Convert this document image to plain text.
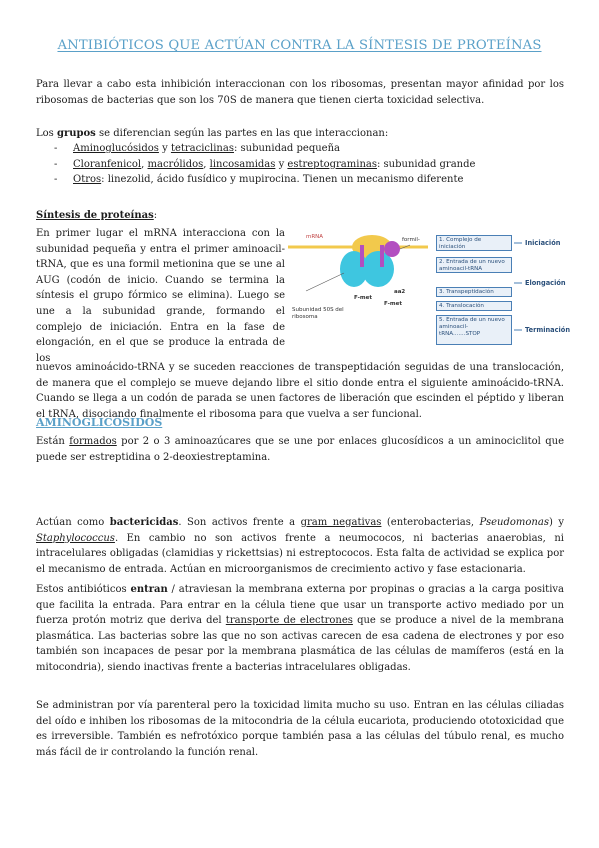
ANTIBIÓTICOS QUE ACTÚAN CONTRA LA SÍNTESIS DE PROTEÍNAS

Para llevar a cabo esta inhibición interaccionan con los ribosomas, presentan mayor afinidad por los ribosomas de bacterias que son los 70S de manera que tienen cierta toxicidad selectiva.

Los grupos se diferencian según las partes en las que interaccionan:

- Aminoglucósidos y tetraciclinas: subunidad pequeña
- Cloranfenicol, macrólidos, lincosamidas y estreptograminas: subunidad grande
- Otros: linezolid, ácido fusídico y mupirocina. Tienen un mecanismo diferente
Síntesis de proteínas:
En primer lugar el mRNA interacciona con la subunidad pequeña y entra el primer aminoacil-tRNA, que es una formil metionina que se une al AUG (codón de inicio. Cuando se termina la síntesis el grupo fórmico se elimina). Luego se une a la subunidad grande, formando el complejo de iniciación. Entra en la fase de elongación, en el que se produce la entrada de los
mRNA	formil-
Subunidad 50S del ribosoma
F-met
F-met
aa2
1. Complejo de iniciación
2. Entrada de un nuevo aminoacil-tRNA
3. Transpeptidación
4. Translocación
5. Entrada de un nuevo aminoacil-tRNA.......STOP
Iniciación
Elongación
Terminación

nuevos aminoácido-tRNA y se suceden reacciones de transpeptidación seguidas de una translocación, de manera que el complejo se mueve dejando libre el sitio donde entra el siguiente aminoácido-tRNA. Cuando se llega a un codón de parada se unen factores de liberación que escinden el péptido y liberan el tRNA, disociando finalmente el ribosoma para que vuelva a ser funcional.

AMINOGLICÓSIDOS

Están formados por 2 o 3 aminoazúcares que se une por enlaces glucosídicos a un aminociclitol que puede ser estreptidina o 2-deoxiestreptamina.

Actúan como bactericidas. Son activos frente a gram negativas (enterobacterias, Pseudomonas) y Staphylococcus. En cambio no son activos frente a neumococos, ni bacterias anaerobias, ni intracelulares obligadas (clamidias y rickettsias) ni estreptococos. Esta falta de actividad se explica por el mecanismo de entrada. Actúan en microorganismos de crecimiento activo y fase estacionaria.

Estos antibióticos entran / atraviesan la membrana externa por propinas o gracias a la carga positiva que facilita la entrada. Para entrar en la célula tiene que usar un transporte activo mediado por un fuerza protón motriz que deriva del transporte de electrones que se produce a nivel de la membrana plasmática. Las bacterias sobre las que no son activas carecen de esa cadena de electrones y por eso también son incapaces de pesar por la membrana plasmática de las células de mamíferos (está en la mitocondria), siendo inactivas frente a bacterias intracelulares obligadas.

Se administran por vía parenteral pero la toxicidad limita mucho su uso. Entran en las células ciliadas del oído e inhiben los ribosomas de la mitocondria de la célula eucariota, produciendo ototoxicidad que es irreversible. También es nefrotóxico porque también pasa a las células del túbulo renal, es mucho más fácil de ir controlando la función renal.
